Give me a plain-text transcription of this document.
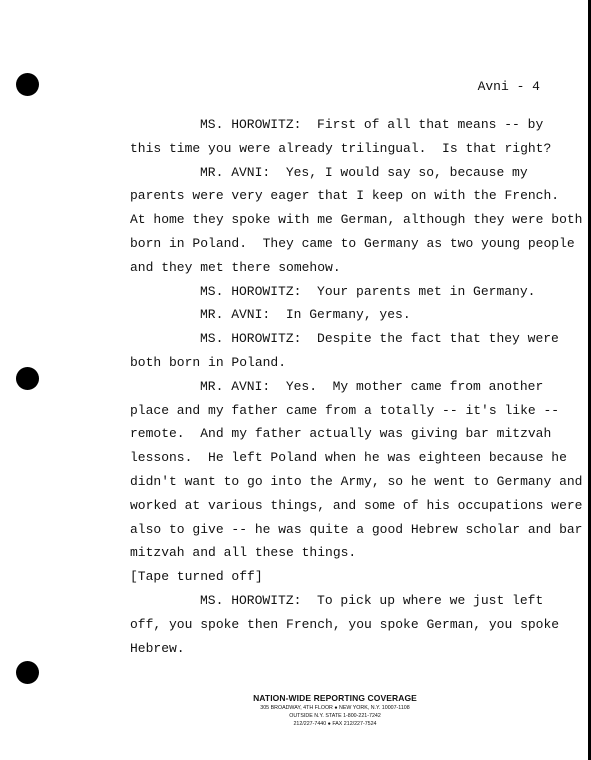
Avni - 4
MS. HOROWITZ:  First of all that means -- by
this time you were already trilingual.  Is that right?
MR. AVNI:  Yes, I would say so, because my
parents were very eager that I keep on with the French.
At home they spoke with me German, although they were both
born in Poland.  They came to Germany as two young people
and they met there somehow.
MS. HOROWITZ:  Your parents met in Germany.
MR. AVNI:  In Germany, yes.
MS. HOROWITZ:  Despite the fact that they were
both born in Poland.
MR. AVNI:  Yes.  My mother came from another
place and my father came from a totally -- it's like --
remote.  And my father actually was giving bar mitzvah
lessons.  He left Poland when he was eighteen because he
didn't want to go into the Army, so he went to Germany and
worked at various things, and some of his occupations were
also to give -- he was quite a good Hebrew scholar and bar
mitzvah and all these things.
[Tape turned off]
MS. HOROWITZ:  To pick up where we just left
off, you spoke then French, you spoke German, you spoke
Hebrew.
NATION-WIDE REPORTING COVERAGE
305 BROADWAY, 4TH FLOOR ● NEW YORK, N.Y. 10007-1108
OUTSIDE N.Y. STATE 1-800-221-7242
212/227-7440 ● FAX 212/227-7524
